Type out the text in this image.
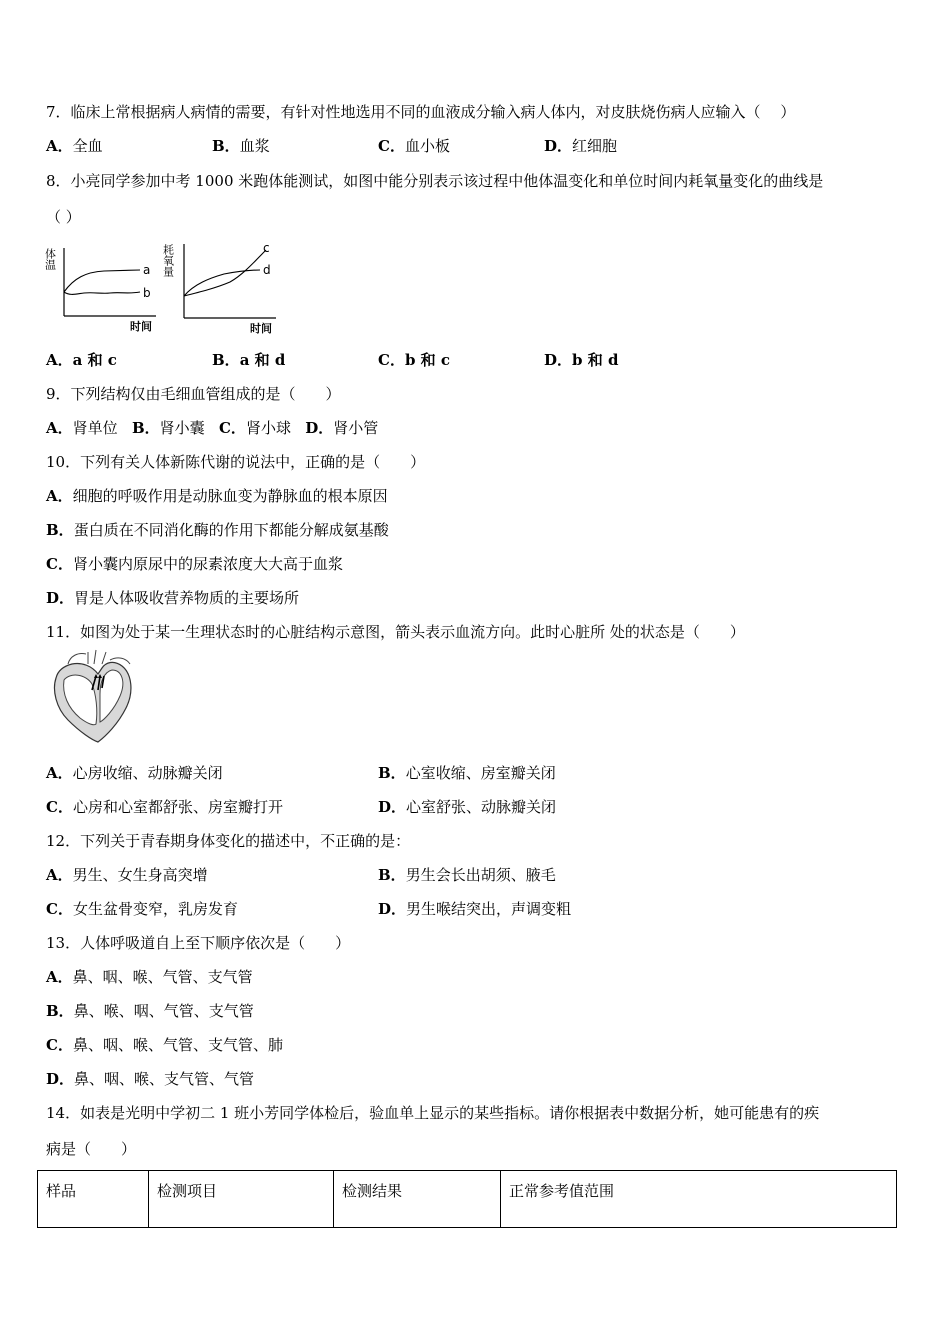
7．临床上常根据病人病情的需要，有针对性地选用不同的血液成分输入病人体内，对皮肤烧伤病人应输入（　 ）
A．全血	B．血浆	C．血小板	D．红细胞
8．小亮同学参加中考 1000 米跑体能测试，如图中能分别表示该过程中他体温变化和单位时间内耗氧量变化的曲线是
（ ）
体温	a
b
时间
耗氧量	c
d
时间
A．a 和 c	B．a 和 d	C．b 和 c	D．b 和 d
9．下列结构仅由毛细血管组成的是（　　）
A．肾单位 B．肾小囊 C．肾小球 D．肾小管
10．下列有关人体新陈代谢的说法中，正确的是（　　）
A．细胞的呼吸作用是动脉血变为静脉血的根本原因
B．蛋白质在不同消化酶的作用下都能分解成氨基酸
C．肾小囊内原尿中的尿素浓度大大高于血浆
D．胃是人体吸收营养物质的主要场所
11．如图为处于某一生理状态时的心脏结构示意图，箭头表示血流方向。此时心脏所 处的状态是（　　）
A．心房收缩、动脉瓣关闭	B．心室收缩、房室瓣关闭
C．心房和心室都舒张、房室瓣打开	D．心室舒张、动脉瓣关闭
12．下列关于青春期身体变化的描述中，不正确的是：
A．男生、女生身高突增	B．男生会长出胡须、腋毛
C．女生盆骨变窄，乳房发育	D．男生喉结突出，声调变粗
13．人体呼吸道自上至下顺序依次是（　　）
A．鼻、咽、喉、气管、支气管
B．鼻、喉、咽、气管、支气管
C．鼻、咽、喉、气管、支气管、肺
D．鼻、咽、喉、支气管、气管
14．如表是光明中学初二 1 班小芳同学体检后，验血单上显示的某些指标。请你根据表中数据分析，她可能患有的疾
病是（　　）
样品	检测项目	检测结果	正常参考值范围
